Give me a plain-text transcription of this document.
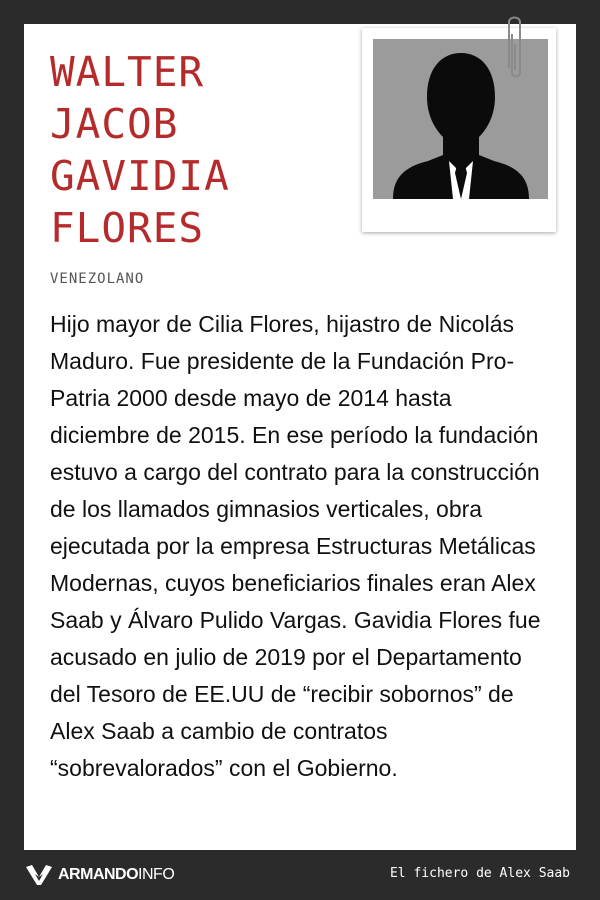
WALTER
JACOB
GAVIDIA
FLORES
VENEZOLANO

Hijo mayor de Cilia Flores, hijastro de Nicolás Maduro. Fue presidente de la Fundación Pro-Patria 2000 desde mayo de 2014 hasta diciembre de 2015. En ese período la fundación estuvo a cargo del contrato para la construcción de los llamados gimnasios verticales, obra ejecutada por la empresa Estructuras Metálicas Modernas, cuyos beneficiarios finales eran Alex Saab y Álvaro Pulido Vargas. Gavidia Flores fue acusado en julio de 2019 por el Departamento del Tesoro de EE.UU de “recibir sobornos” de Alex Saab a cambio de contratos “sobrevalorados” con el Gobierno.

ARMANDOINFO	El fichero de Alex Saab
